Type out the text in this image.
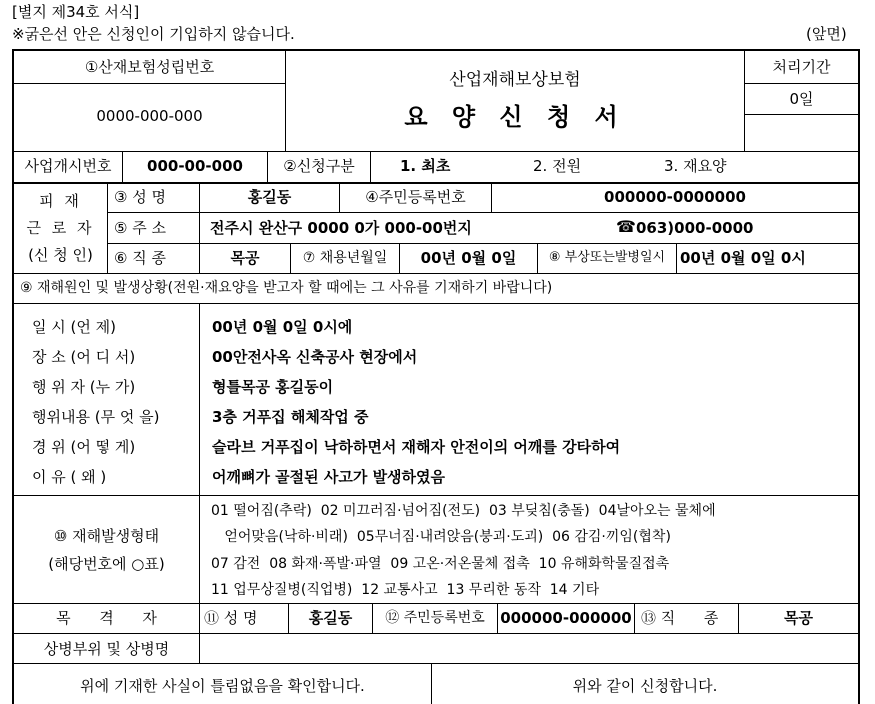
[별지 제34호 서식]
※굵은선 안은 신청인이 기입하지 않습니다.	(앞면)
①산재보험성립번호
0000-000-000
산업재해보상보험
요 양 신 청 서
처리기간
0일
사업개시번호	000-00-000	②신청구분	1. 최초	2. 전원	3. 재요양
피 재
근 로 자
(신 청 인)
③ 성 명	홍길동	④주민등록번호	000000-0000000
⑤ 주 소	전주시 완산구 0000 0가 000-00번지	☎ 063)000-0000
⑥ 직 종	목공	⑦ 채용년월일	00년 0월 0일	⑧ 부상또는발병일시 00년 0월 0일 0시
⑨ 재해원인 및 발생상황(전원·재요양을 받고자 할 때에는 그 사유를 기재하기 바랍니다)
일 시 (언 제)	00년 0월 0일 0시에
장 소 (어 디 서)	00안전사옥 신축공사 현장에서
행 위 자 (누 가)	형틀목공 홍길동이
행위내용 (무 엇 을)	3층 거푸집 해체작업 중
경 위 (어 떻 게)	슬라브 거푸집이 낙하하면서 재해자 안전이의 어깨를 강타하여
이 유 ( 왜 )	어깨뼈가 골절된 사고가 발생하였음
⑩ 재해발생형태
(해당번호에 ○표)
01 떨어짐(추락)  02 미끄러짐·넘어짐(전도)  03 부딪침(충돌)  04날아오는 물체에
얻어맞음(낙하·비래)  05무너짐·내려앉음(붕괴·도괴)  06 감김·끼임(협착)
07 감전  08 화재·폭발·파열  09 고온·저온물체 접촉  10 유해화학물질접촉
11 업무상질병(직업병)  12 교통사고  13 무리한 동작  14 기타
목      격      자	⑪ 성 명	홍길동	⑫ 주민등록번호	000000-000000 ⑬ 직      종	목공
상병부위 및 상병명
위에 기재한 사실이 틀림없음을 확인합니다.	위와 같이 신청합니다.
